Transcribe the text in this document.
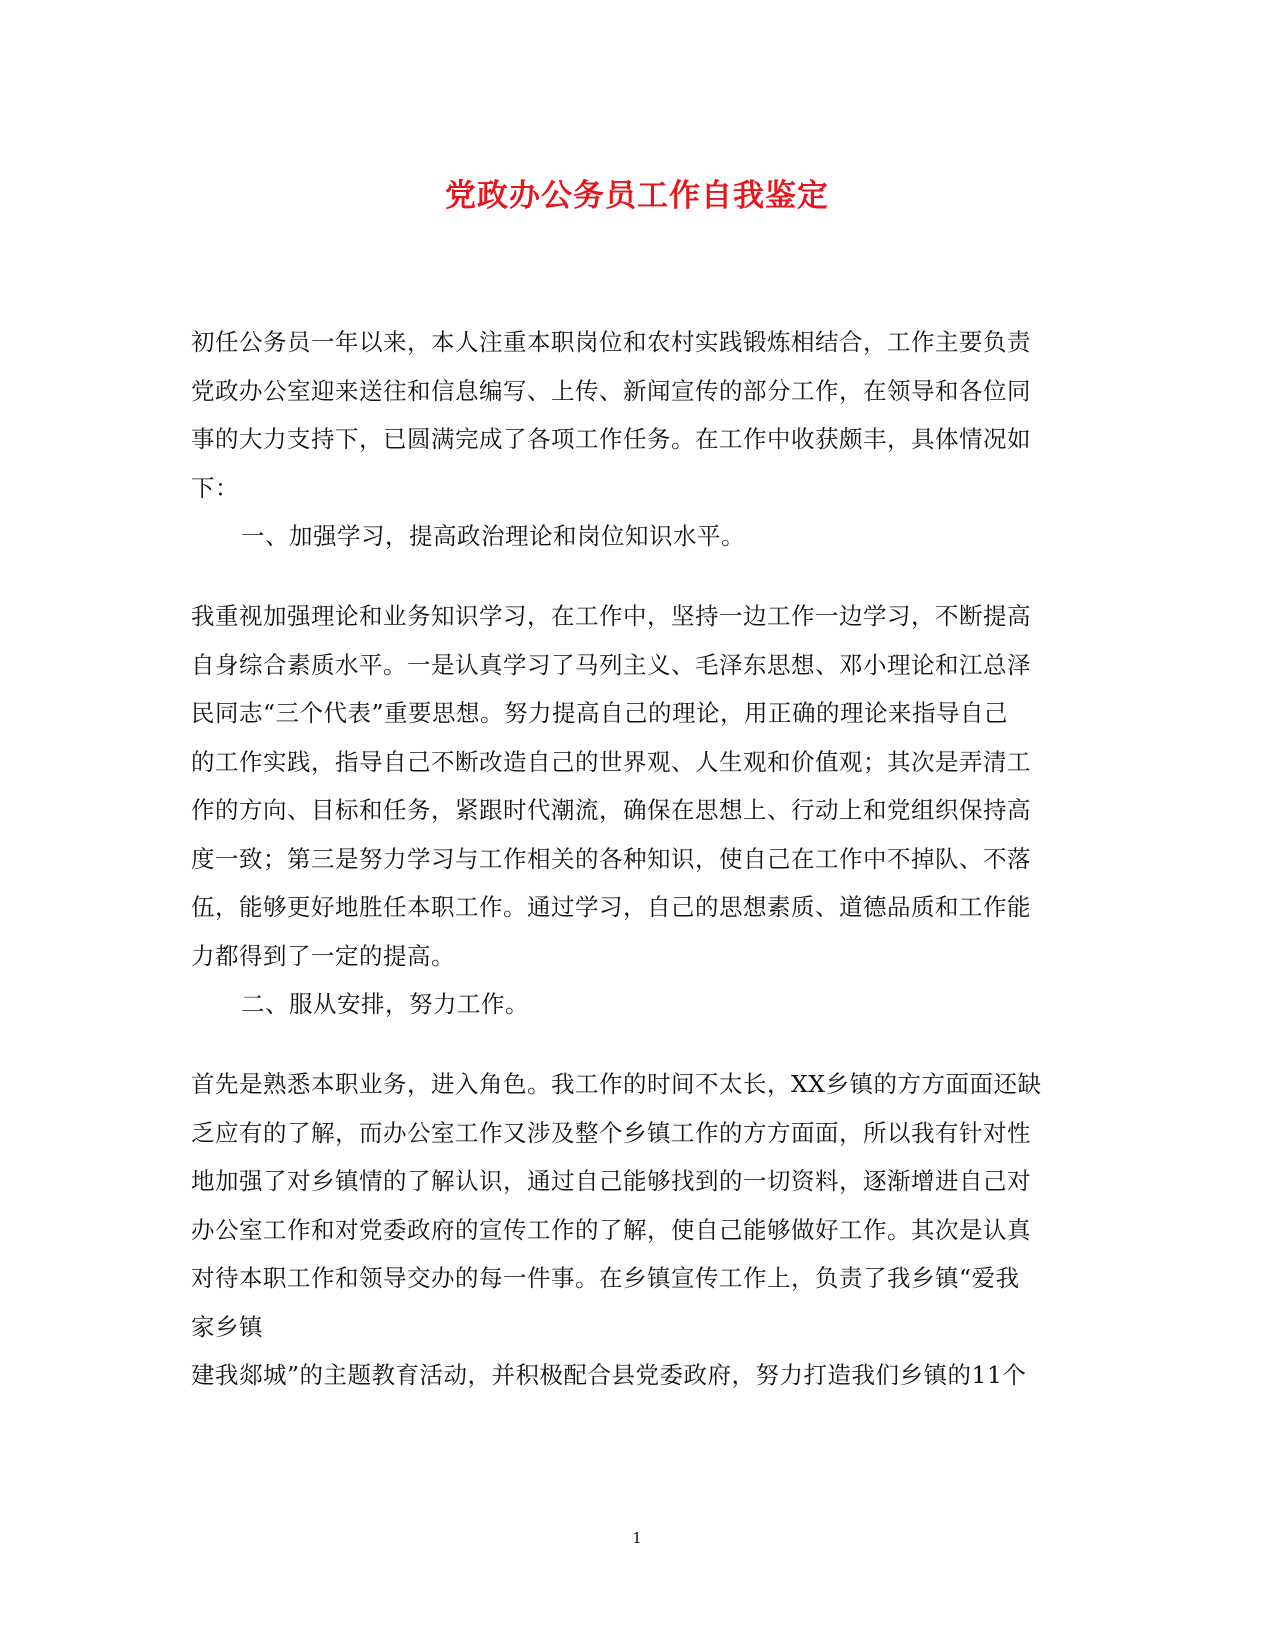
党政办公务员工作自我鉴定
初任公务员一年以来，本人注重本职岗位和农村实践锻炼相结合，工作主要负责
党政办公室迎来送往和信息编写、上传、新闻宣传的部分工作，在领导和各位同
事的大力支持下，已圆满完成了各项工作任务。在工作中收获颇丰，具体情况如
下：
一、加强学习，提高政治理论和岗位知识水平。
我重视加强理论和业务知识学习，在工作中，坚持一边工作一边学习，不断提高
自身综合素质水平。一是认真学习了马列主义、毛泽东思想、邓小理论和江总泽
民同志“三个代表”重要思想。努力提高自己的理论，用正确的理论来指导自己
的工作实践，指导自己不断改造自己的世界观、人生观和价值观；其次是弄清工
作的方向、目标和任务，紧跟时代潮流，确保在思想上、行动上和党组织保持高
度一致；第三是努力学习与工作相关的各种知识，使自己在工作中不掉队、不落
伍，能够更好地胜任本职工作。通过学习，自己的思想素质、道德品质和工作能
力都得到了一定的提高。
二、服从安排，努力工作。
首先是熟悉本职业务，进入角色。我工作的时间不太长，XX乡镇的方方面面还缺
乏应有的了解，而办公室工作又涉及整个乡镇工作的方方面面，所以我有针对性
地加强了对乡镇情的了解认识，通过自己能够找到的一切资料，逐渐增进自己对
办公室工作和对党委政府的宣传工作的了解，使自己能够做好工作。其次是认真
对待本职工作和领导交办的每一件事。在乡镇宣传工作上，负责了我乡镇“爱我
家乡镇
建我郯城”的主题教育活动，并积极配合县党委政府，努力打造我们乡镇的11个
1
